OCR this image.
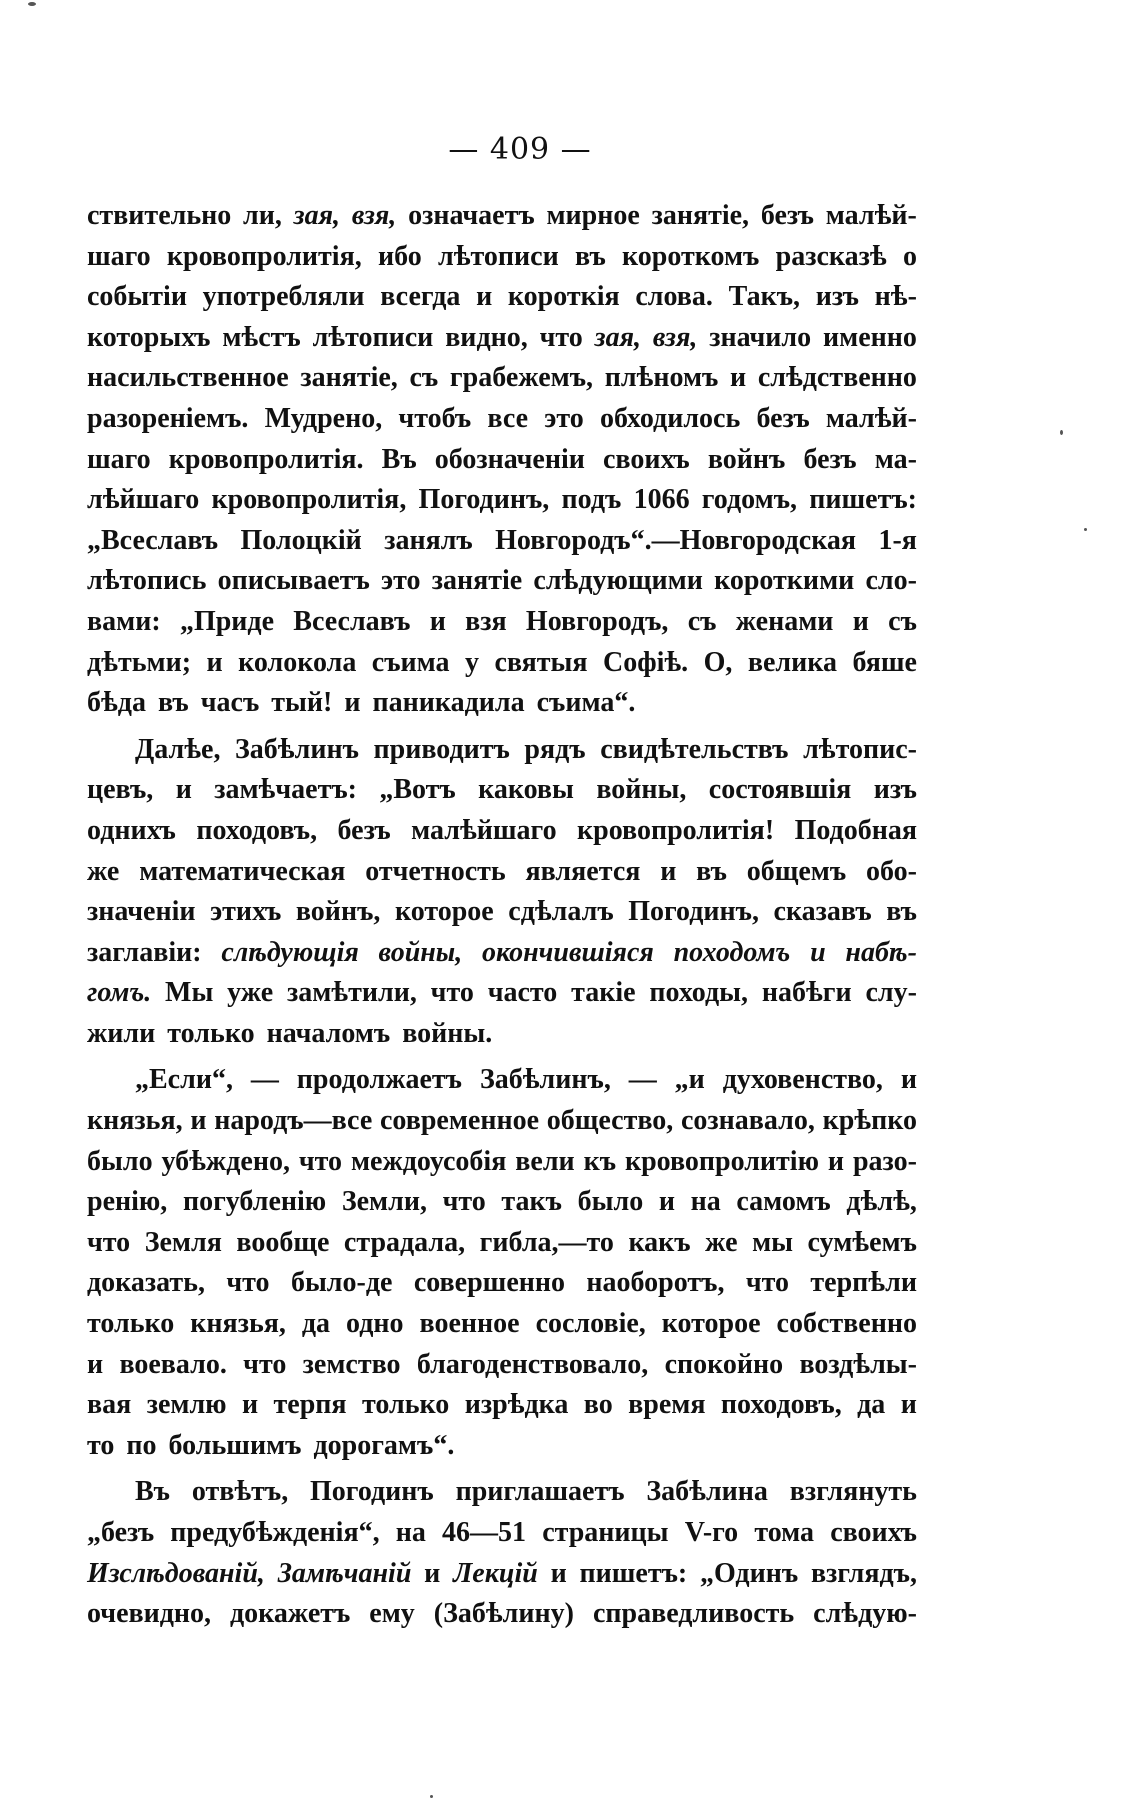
— 409 —
ствительно ли, зая, взя, означаетъ мирное занятіе, безъ малѣй-
шаго кровопролитія, ибо лѣтописи въ короткомъ разсказѣ о
событіи употребляли всегда и короткія слова. Такъ, изъ нѣ-
которыхъ мѣстъ лѣтописи видно, что зая, взя, значило именно
насильственное занятіе, съ грабежемъ, плѣномъ и слѣдственно
разореніемъ. Мудрено, чтобъ все это обходилось безъ малѣй-
шаго кровопролитія. Въ обозначеніи своихъ войнъ безъ ма-
лѣйшаго кровопролитія, Погодинъ, подъ 1066 годомъ, пишетъ:
„Всеславъ Полоцкій занялъ Новгородъ“.—Новгородская 1-я
лѣтопись описываетъ это занятіе слѣдующими короткими сло-
вами: „Приде Всеславъ и взя Новгородъ, съ женами и съ
дѣтьми; и колокола съима у святыя Софіѣ. О, велика бяше
бѣда въ часъ тый! и паникадила съима“.
Далѣе, Забѣлинъ приводитъ рядъ свидѣтельствъ лѣтопис-
цевъ, и замѣчаетъ: „Вотъ каковы войны, состоявшія изъ
однихъ походовъ, безъ малѣйшаго кровопролитія! Подобная
же математическая отчетность является и въ общемъ обо-
значеніи этихъ войнъ, которое сдѣлалъ Погодинъ, сказавъ въ
заглавіи: слѣдующія войны, окончившіяся походомъ и набѣ-
гомъ. Мы уже замѣтили, что часто такіе походы, набѣги слу-
жили только началомъ войны.
„Если“, — продолжаетъ Забѣлинъ, — „и духовенство, и
князья, и народъ—все современное общество, сознавало, крѣпко
было убѣждено, что междоусобія вели къ кровопролитію и разо-
ренію, погубленію Земли, что такъ было и на самомъ дѣлѣ,
что Земля вообще страдала, гибла,—то какъ же мы сумѣемъ
доказать, что было-де совершенно наоборотъ, что терпѣли
только князья, да одно военное сословіе, которое собственно
и воевало. что земство благоденствовало, спокойно воздѣлы-
вая землю и терпя только изрѣдка во время походовъ, да и
то по большимъ дорогамъ“.
Въ отвѣтъ, Погодинъ приглашаетъ Забѣлина взглянуть
„безъ предубѣжденія“, на 46—51 страницы V-го тома своихъ
Изслѣдованій, Замѣчаній и Лекцій и пишетъ: „Одинъ взглядъ,
очевидно, докажетъ ему (Забѣлину) справедливость слѣдую-
